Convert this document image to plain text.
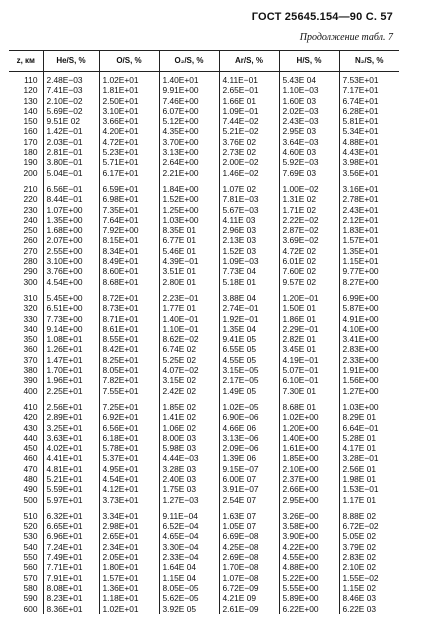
ГОСТ 25645.154—90 С. 57
Продолжение табл. 7
z, км	He/S, %	O/S, %	O₂/S, %	Ar/S, %	H/S, %	N₂/S, %
110	2.48E−03	1.02E+01	1.40E+01	4.11E−01	5.43E 04	7.53E+01
120	7.41E−03	1.81E+01	9.91E+00	2.65E−01	1.10E−03	7.17E+01
130	2.10E−02	2.50E+01	7.46E+00	1.66E 01	1.60E 03	6.74E+01
140	5.69E−02	3.10E+01	6.07E+00	1.09E−01	2.02E−03	6.28E+01
150	9.51E 02	3.66E+01	5.12E+00	7.44E−02	2.43E−03	5.81E+01
160	1.42E−01	4.20E+01	4.35E+00	5.21E−02	2.95E 03	5.34E+01
170	2.03E−01	4.72E+01	3.70E+00	3.76E 02	3.64E−03	4.88E+01
180	2.81E−01	5.23E+01	3.13E+00	2.73E 02	4.60E 03	4.43E+01
190	3.80E−01	5.71E+01	2.64E+00	2.00E−02	5.92E−03	3.98E+01
200	5.04E−01	6.17E+01	2.21E+00	1.46E−02	7.69E 03	3.56E+01

210	6.56E−01	6.59E+01	1.84E+00	1.07E 02	1.00E−02	3.16E+01
220	8.44E−01	6.98E+01	1.52E+00	7.81E−03	1.31E 02	2.78E+01
230	1.07E+00	7.35E+01	1.25E+00	5.67E−03	1.71E 02	2.43E+01
240	1.35E+00	7.64E+01	1.03E+00	4.11E 03	2.22E−02	2.12E+01
250	1.68E+00	7.92E+00	8.35E 01	2.96E 03	2.87E−02	1.83E+01
260	2.07E+00	8.15E+01	6.77E 01	2.13E 03	3.69E−02	1.57E+01
270	2.55E+00	8.34E+01	5.46E 01	1.52E 03	4.72E 02	1.35E+01
280	3.10E+00	8.49E+01	4.39E−01	1.09E−03	6.01E 02	1.15E+01
290	3.76E+00	8.60E+01	3.51E 01	7.73E 04	7.60E 02	9.77E+00
300	4.54E+00	8.68E+01	2.80E 01	5.18E 01	9.57E 02	8.27E+00

310	5.45E+00	8.72E+01	2.23E−01	3.88E 04	1.20E−01	6.99E+00
320	6.51E+00	8.73E+01	1.77E 01	2.74E−01	1.50E 01	5.87E+00
330	7.73E+00	8.71E+01	1.40E−01	1.92E−01	1.86E 01	4.91E+00
340	9.14E+00	8.61E+01	1.10E−01	1.35E 04	2.29E−01	4.10E+00
350	1.08E+01	8.55E+01	8.62E−02	9.41E 05	2.82E 01	3.41E+00
360	1.26E+01	8.42E+01	6.74E 02	6.55E 05	3.45E 01	2.83E+00
370	1.47E+01	8.25E+01	5.25E 02	4.55E 05	4.19E−01	2.33E+00
380	1.70E+01	8.05E+01	4.07E−02	3.15E−05	5.07E−01	1.91E+00
390	1.96E+01	7.82E+01	3.15E 02	2.17E−05	6.10E−01	1.56E+00
400	2.25E+01	7.55E+01	2.42E 02	1.49E 05	7.30E 01	1.27E+00

410	2.56E+01	7.25E+01	1.85E 02	1.02E−05	8.68E 01	1.03E+00
420	2.89E+01	6.92E+01	1.41E 02	6.90E−06	1.02E+00	8.29E 01
430	3.25E+01	6.56E+01	1.06E 02	4.66E 06	1.20E+00	6.64E−01
440	3.63E+01	6.18E+01	8.00E 03	3.13E−06	1.40E+00	5.28E 01
450	4.02E+01	5.78E+01	5.98E 03	2.09E−06	1.61E+00	4.17E 01
460	4.41E+01	5.37E+01	4.44E−03	1.39E 06	1.85E+00	3.28E−01
470	4.81E+01	4.95E+01	3.28E 03	9.15E−07	2.10E+00	2.56E 01
480	5.21E+01	4.54E+01	2.40E 03	6.00E 07	2.37E+00	1.98E 01
490	5.59E+01	4.12E+01	1.75E 03	3.91E−07	2.66E+00	1.53E−01
500	5.97E+01	3.73E+01	1.27E−03	2.54E 07	2.95E+00	1.17E 01

510	6.32E+01	3.34E+01	9.11E−04	1.63E 07	3.26E−00	8.88E 02
520	6.65E+01	2.98E+01	6.52E−04	1.05E 07	3.58E+00	6.72E−02
530	6.96E+01	2.65E+01	4.65E−04	6.69E−08	3.90E+00	5.05E 02
540	7.24E+01	2.34E+01	3.30E−04	4.25E−08	4.22E+00	3.79E 02
550	7.49E+01	2.05E+01	2.33E−04	2.69E−08	4.55E+00	2.83E 02
560	7.71E+01	1.80E+01	1.64E 04	1.70E−08	4.88E+00	2.10E 02
570	7.91E+01	1.57E+01	1.15E 04	1.07E−08	5.22E+00	1.55E−02
580	8.08E+01	1.36E+01	8.05E−05	6.72E−09	5.55E+00	1.15E 02
590	8.23E+01	1.18E+01	5.62E−05	4.21E 09	5.89E+00	8.46E 03
600	8.36E+01	1.02E+01	3.92E 05	2.61E−09	6.22E+00	6.22E 03
